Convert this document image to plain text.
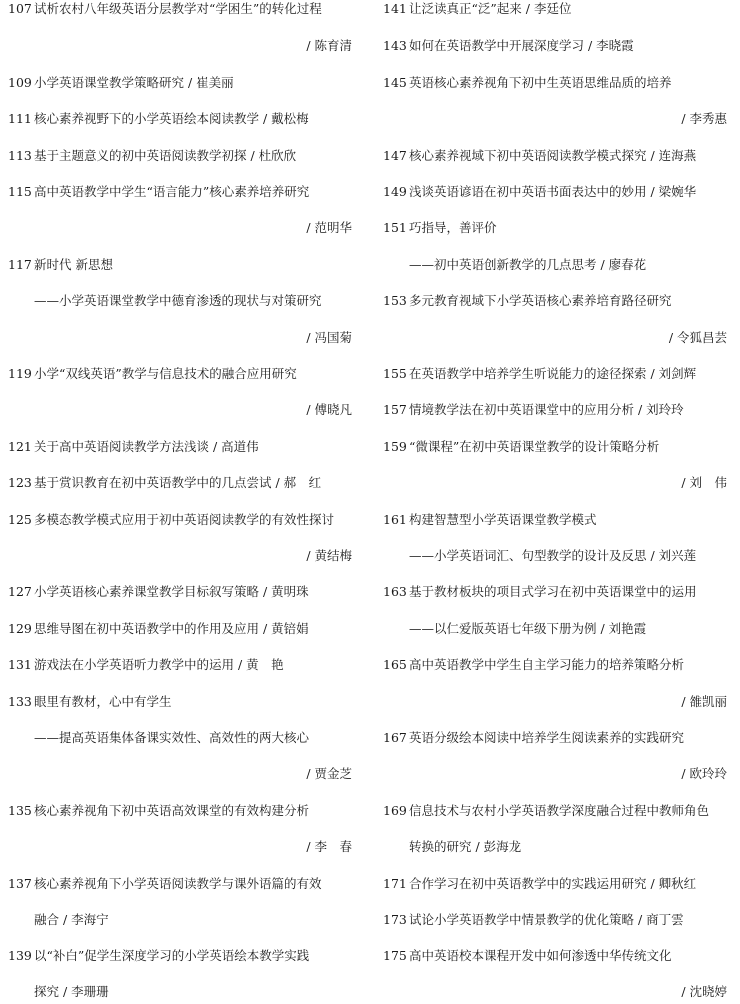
107 试析农村八年级英语分层教学对“学困生”的转化过程
/ 陈育清
109 小学英语课堂教学策略研究 / 崔美丽
111 核心素养视野下的小学英语绘本阅读教学 / 戴松梅
113 基于主题意义的初中英语阅读教学初探 / 杜欣欣
115 高中英语教学中学生“语言能力”核心素养培养研究
/ 范明华
117 新时代 新思想
——小学英语课堂教学中德育渗透的现状与对策研究
/ 冯国菊
119 小学“双线英语”教学与信息技术的融合应用研究
/ 傅晓凡
121 关于高中英语阅读教学方法浅谈 / 高道伟
123 基于赏识教育在初中英语教学中的几点尝试 / 郝　红
125 多模态教学模式应用于初中英语阅读教学的有效性探讨
/ 黄结梅
127 小学英语核心素养课堂教学目标叙写策略 / 黄明珠
129 思维导图在初中英语教学中的作用及应用 / 黄锫娟
131 游戏法在小学英语听力教学中的运用 / 黄　艳
133 眼里有教材，心中有学生
——提高英语集体备课实效性、高效性的两大核心
/ 贾金芝
135 核心素养视角下初中英语高效课堂的有效构建分析
/ 李　春
137 核心素养视角下小学英语阅读教学与课外语篇的有效
融合 / 李海宁
139 以“补白”促学生深度学习的小学英语绘本教学实践
探究 / 李珊珊
141 让泛读真正“泛”起来 / 李廷位
143 如何在英语教学中开展深度学习 / 李晓霞
145 英语核心素养视角下初中生英语思维品质的培养
/ 李秀惠
147 核心素养视域下初中英语阅读教学模式探究 / 连海燕
149 浅谈英语谚语在初中英语书面表达中的妙用 / 梁婉华
151 巧指导，善评价
——初中英语创新教学的几点思考 / 廖春花
153 多元教育视域下小学英语核心素养培育路径研究
/ 令狐昌芸
155 在英语教学中培养学生听说能力的途径探索 / 刘剑辉
157 情境教学法在初中英语课堂中的应用分析 / 刘玲玲
159 “微课程”在初中英语课堂教学的设计策略分析
/ 刘　伟
161 构建智慧型小学英语课堂教学模式
——小学英语词汇、句型教学的设计及反思 / 刘兴莲
163 基于教材板块的项目式学习在初中英语课堂中的运用
——以仁爱版英语七年级下册为例 / 刘艳霞
165 高中英语教学中学生自主学习能力的培养策略分析
/ 雒凯丽
167 英语分级绘本阅读中培养学生阅读素养的实践研究
/ 欧玲玲
169 信息技术与农村小学英语教学深度融合过程中教师角色
转换的研究 / 彭海龙
171 合作学习在初中英语教学中的实践运用研究 / 卿秋红
173 试论小学英语教学中情景教学的优化策略 / 商丁雲
175 高中英语校本课程开发中如何渗透中华传统文化
/ 沈晓婷
